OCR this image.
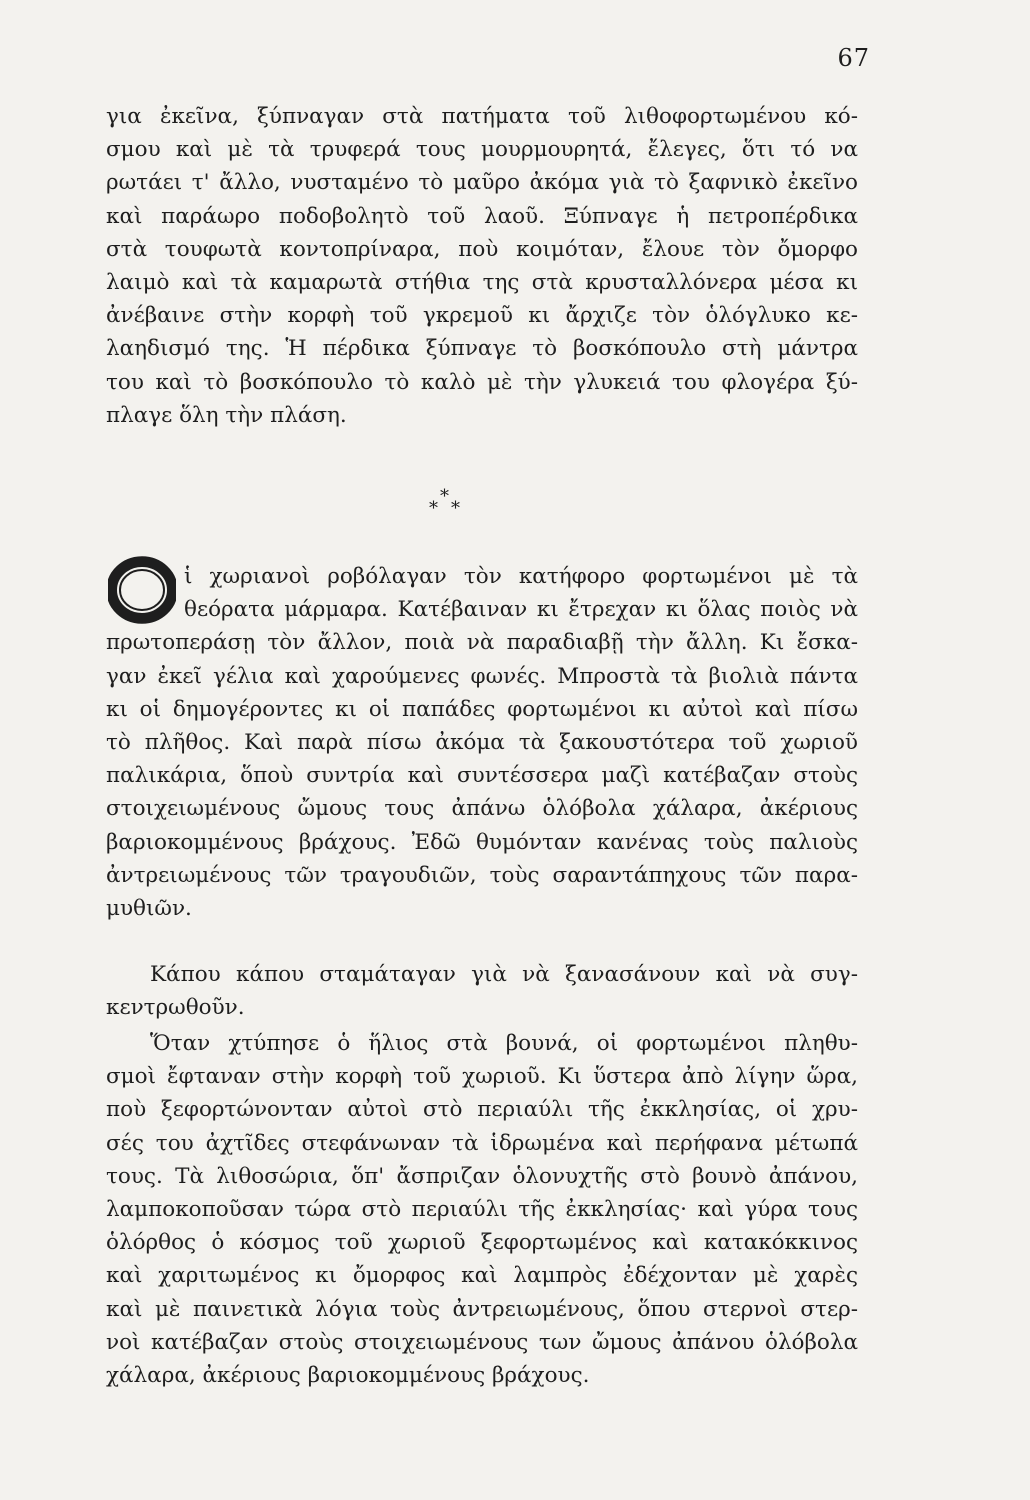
67
για ἐκεῖνα, ξύπναγαν στὰ πατήματα τοῦ λιθοφορτωμένου κό-
σμου καὶ μὲ τὰ τρυφερά τους μουρμουρητά, ἔλεγες, ὅτι τό να
ρωτάει τ' ἄλλο, νυσταμένο τὸ μαῦρο ἀκόμα γιὰ τὸ ξαφνικὸ ἐκεῖνο
καὶ παράωρο ποδοβολητὸ τοῦ λαοῦ. Ξύπναγε ἡ πετροπέρδικα
στὰ τουφωτὰ κοντοπρίναρα, ποὺ κοιμόταν, ἔλουε τὸν ὄμορφο
λαιμὸ καὶ τὰ καμαρωτὰ στήθια της στὰ κρυσταλλόνερα μέσα κι
ἀνέβαινε στὴν κορφὴ τοῦ γκρεμοῦ κι ἄρχιζε τὸν ὁλόγλυκο κε-
λαηδισμό της. Ἡ πέρδικα ξύπναγε τὸ βοσκόπουλο στὴ μάντρα
του καὶ τὸ βοσκόπουλο τὸ καλὸ μὲ τὴν γλυκειά του φλογέρα ξύ-
πλαγε ὅλη τὴν πλάση.
*
* *
Ο
ἱ χωριανοὶ ροβόλαγαν τὸν κατήφορο φορτωμένοι μὲ τὰ
θεόρατα μάρμαρα. Κατέβαιναν κι ἔτρεχαν κι ὅλας ποιὸς νὰ
πρωτοπεράσῃ τὸν ἄλλον, ποιὰ νὰ παραδιαβῇ τὴν ἄλλη. Κι ἔσκα-
γαν ἐκεῖ γέλια καὶ χαρούμενες φωνές. Μπροστὰ τὰ βιολιὰ πάντα
κι οἱ δημογέροντες κι οἱ παπάδες φορτωμένοι κι αὐτοὶ καὶ πίσω
τὸ πλῆθος. Καὶ παρὰ πίσω ἀκόμα τὰ ξακουστότερα τοῦ χωριοῦ
παλικάρια, ὅποὺ συντρία καὶ συντέσσερα μαζὶ κατέβαζαν στοὺς
στοιχειωμένους ὤμους τους ἀπάνω ὁλόβολα χάλαρα, ἀκέριους
βαριοκομμένους βράχους. Ἐδῶ θυμόνταν κανένας τοὺς παλιοὺς
ἀντρειωμένους τῶν τραγουδιῶν, τοὺς σαραντάπηχους τῶν παρα-
μυθιῶν.
Κάπου κάπου σταμάταγαν γιὰ νὰ ξανασάνουν καὶ νὰ συγ-
κεντρωθοῦν.
Ὅταν χτύπησε ὁ ἥλιος στὰ βουνά, οἱ φορτωμένοι πληθυ-
σμοὶ ἔφταναν στὴν κορφὴ τοῦ χωριοῦ. Κι ὕστερα ἀπὸ λίγην ὥρα,
ποὺ ξεφορτώνονταν αὐτοὶ στὸ περιαύλι τῆς ἐκκλησίας, οἱ χρυ-
σές του ἀχτῖδες στεφάνωναν τὰ ἱδρωμένα καὶ περήφανα μέτωπά
τους. Τὰ λιθοσώρια, ὅπ' ἄσπριζαν ὁλονυχτῆς στὸ βουνὸ ἀπάνου,
λαμποκοποῦσαν τώρα στὸ περιαύλι τῆς ἐκκλησίας· καὶ γύρα τους
ὁλόρθος ὁ κόσμος τοῦ χωριοῦ ξεφορτωμένος καὶ κατακόκκινος
καὶ χαριτωμένος κι ὄμορφος καὶ λαμπρὸς ἐδέχονταν μὲ χαρὲς
καὶ μὲ παινετικὰ λόγια τοὺς ἀντρειωμένους, ὅπου στερνοὶ στερ-
νοὶ κατέβαζαν στοὺς στοιχειωμένους των ὤμους ἀπάνου ὁλόβολα
χάλαρα, ἀκέριους βαριοκομμένους βράχους.
